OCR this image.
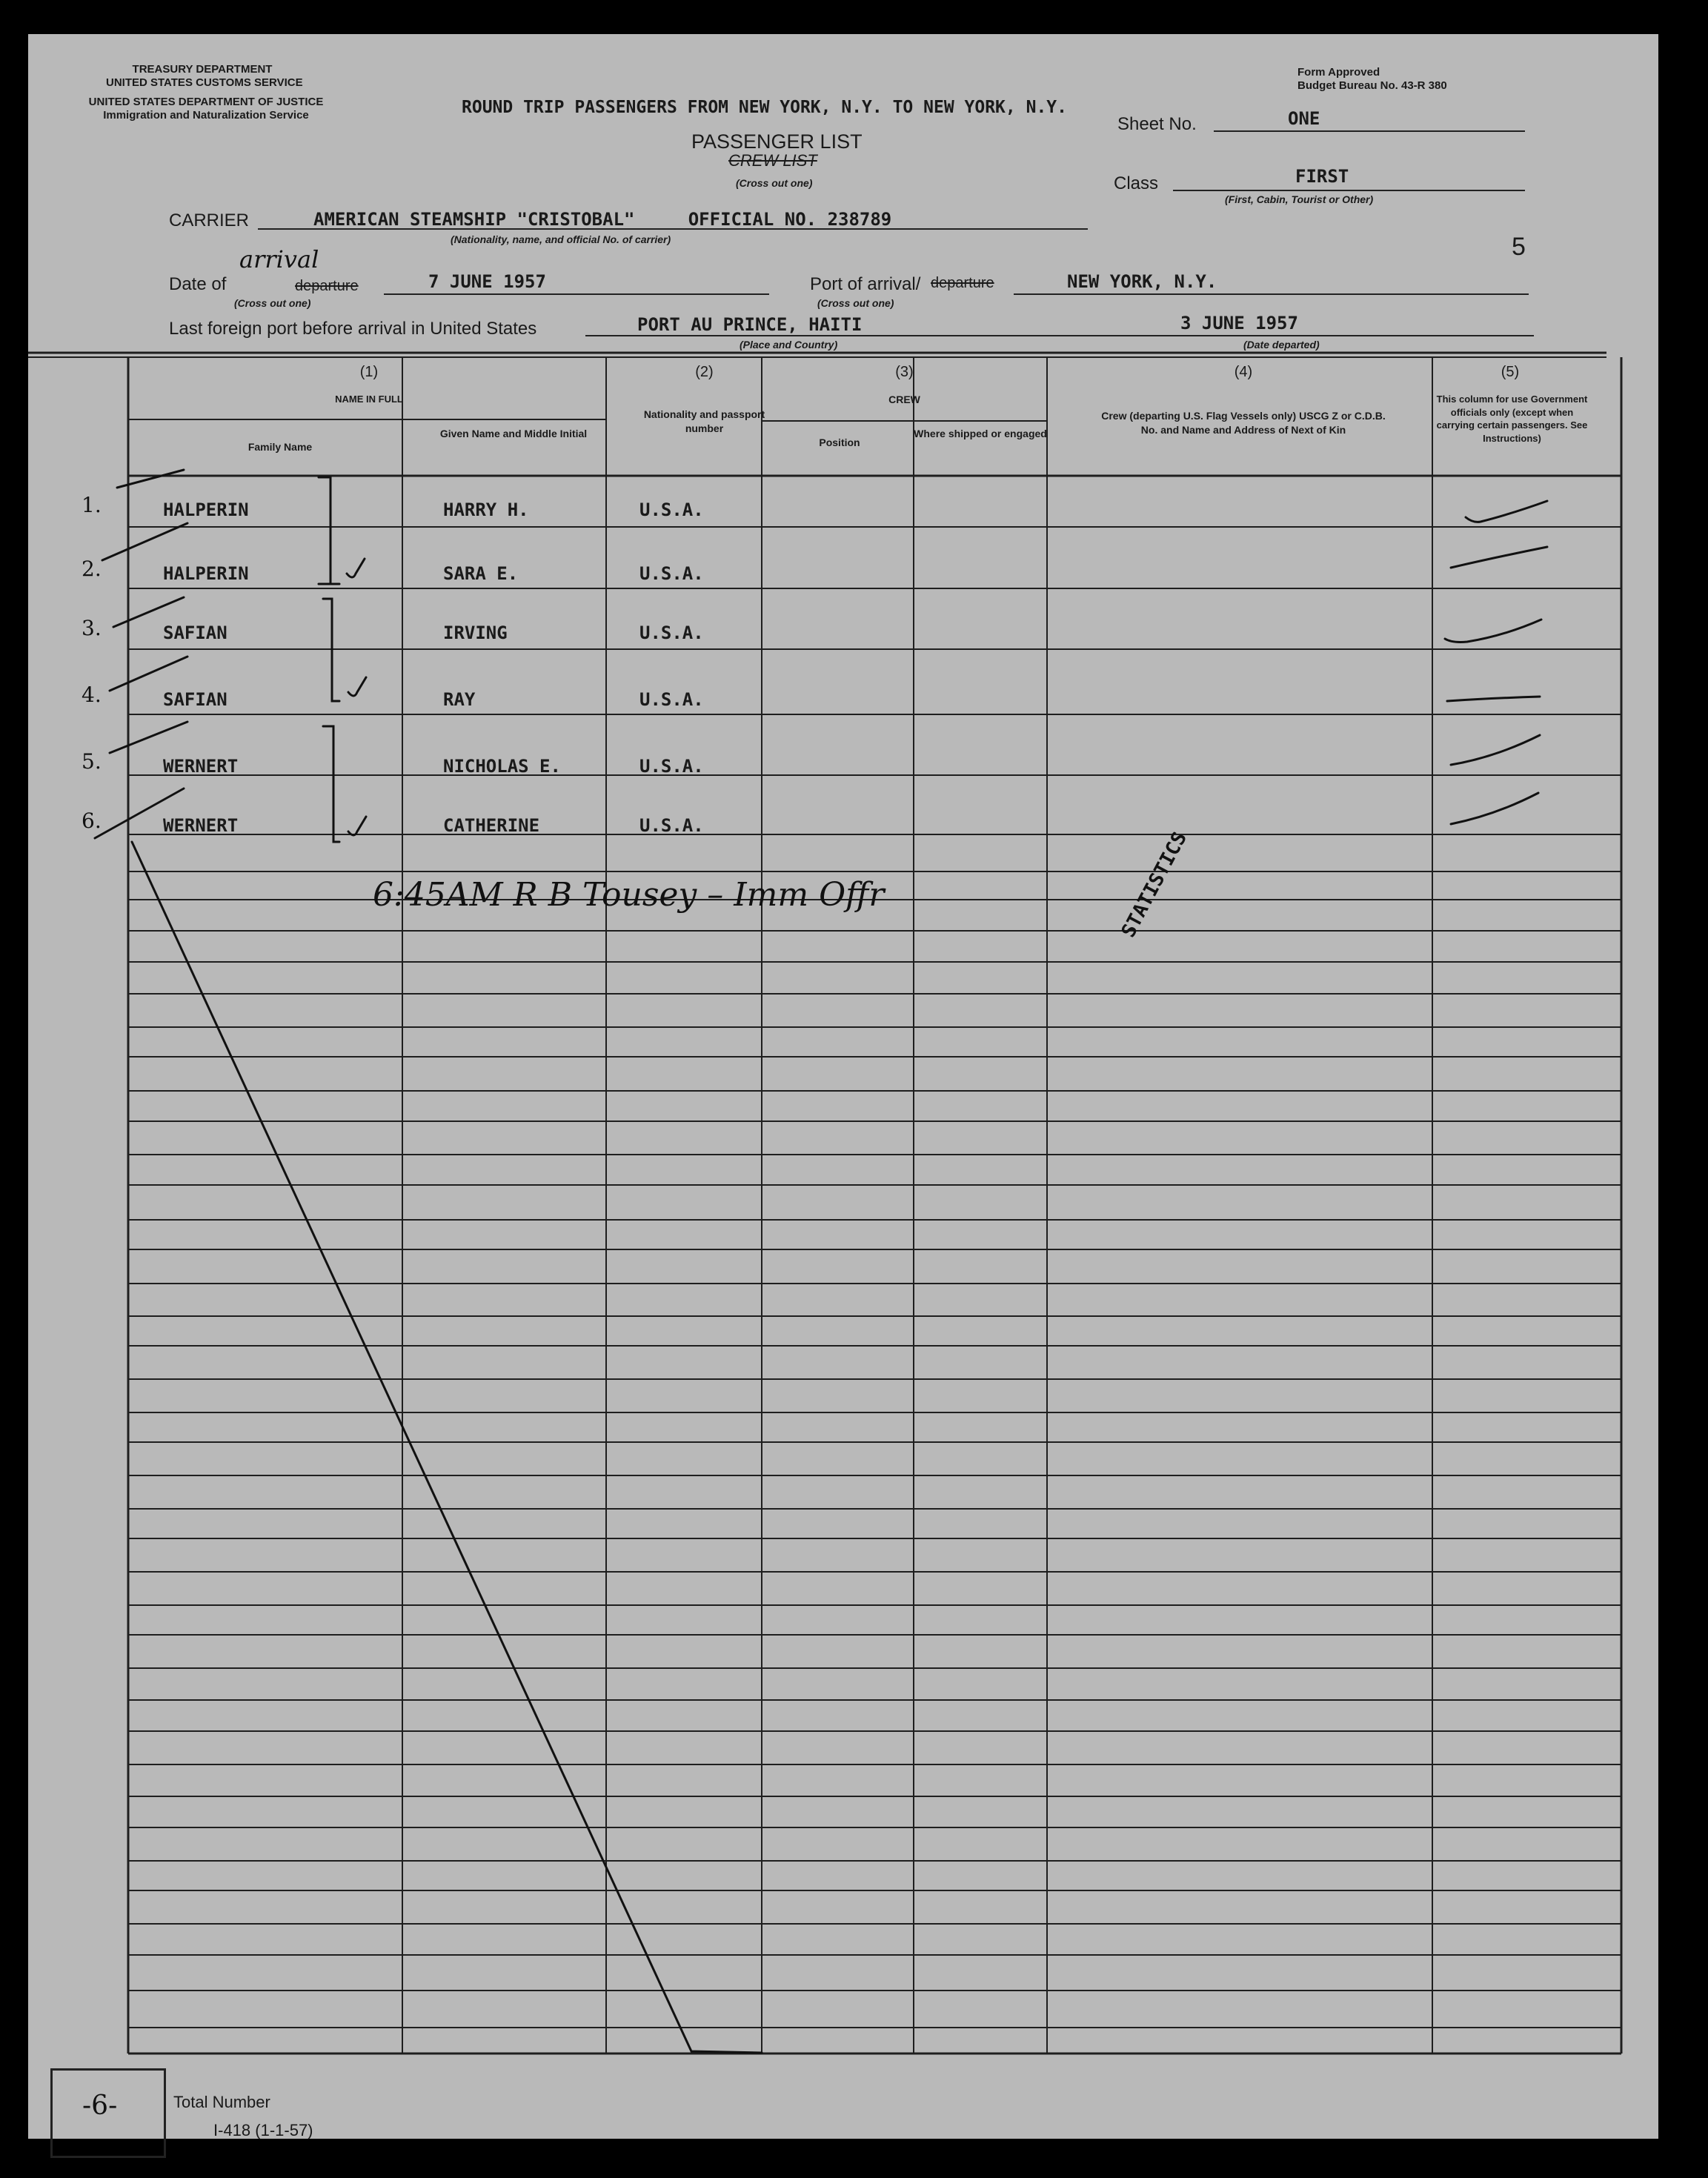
TREASURY DEPARTMENT
UNITED STATES CUSTOMS SERVICE
UNITED STATES DEPARTMENT OF JUSTICE
Immigration and Naturalization Service
Form Approved
Budget Bureau No. 43-R 380
ROUND TRIP PASSENGERS FROM NEW YORK, N.Y. TO NEW YORK, N.Y.
PASSENGER LIST
CREW LIST
(Cross out one)
Sheet No.	ONE
Class	FIRST
(First, Cabin, Tourist or Other)
CARRIER	AMERICAN STEAMSHIP "CRISTOBAL"     OFFICIAL NO. 238789
(Nationality, name, and official No. of carrier)	5
Date of
arrival
departure	7 JUNE 1957
(Cross out one)
Port of arrival/ departure	NEW YORK, N.Y.
(Cross out one)
Last foreign port before arrival in United States	PORT AU PRINCE, HAITI
(Place and Country)
3 JUNE 1957
(Date departed)
(1)
NAME IN FULL
Family Name
Given Name and Middle Initial
(2)
Nationality and passport number
(3)
CREW
Position
Where shipped or engaged
(4)
Crew (departing U.S. Flag Vessels only) USCG Z or C.D.B. No. and Name and Address of Next of Kin
(5)
This column for use Government officials only (except when carrying certain passengers. See Instructions)
1.	HALPERIN	HARRY H.	U.S.A.
2.	HALPERIN	SARA E.	U.S.A.
3.	SAFIAN	IRVING	U.S.A.
4.	SAFIAN	RAY	U.S.A.
5.	WERNERT	NICHOLAS E.	U.S.A.
6.	WERNERT	CATHERINE	U.S.A.
6:45AM R B Tousey – Imm Offr	STATISTICS
-6-	Total Number
I-418 (1-1-57)
